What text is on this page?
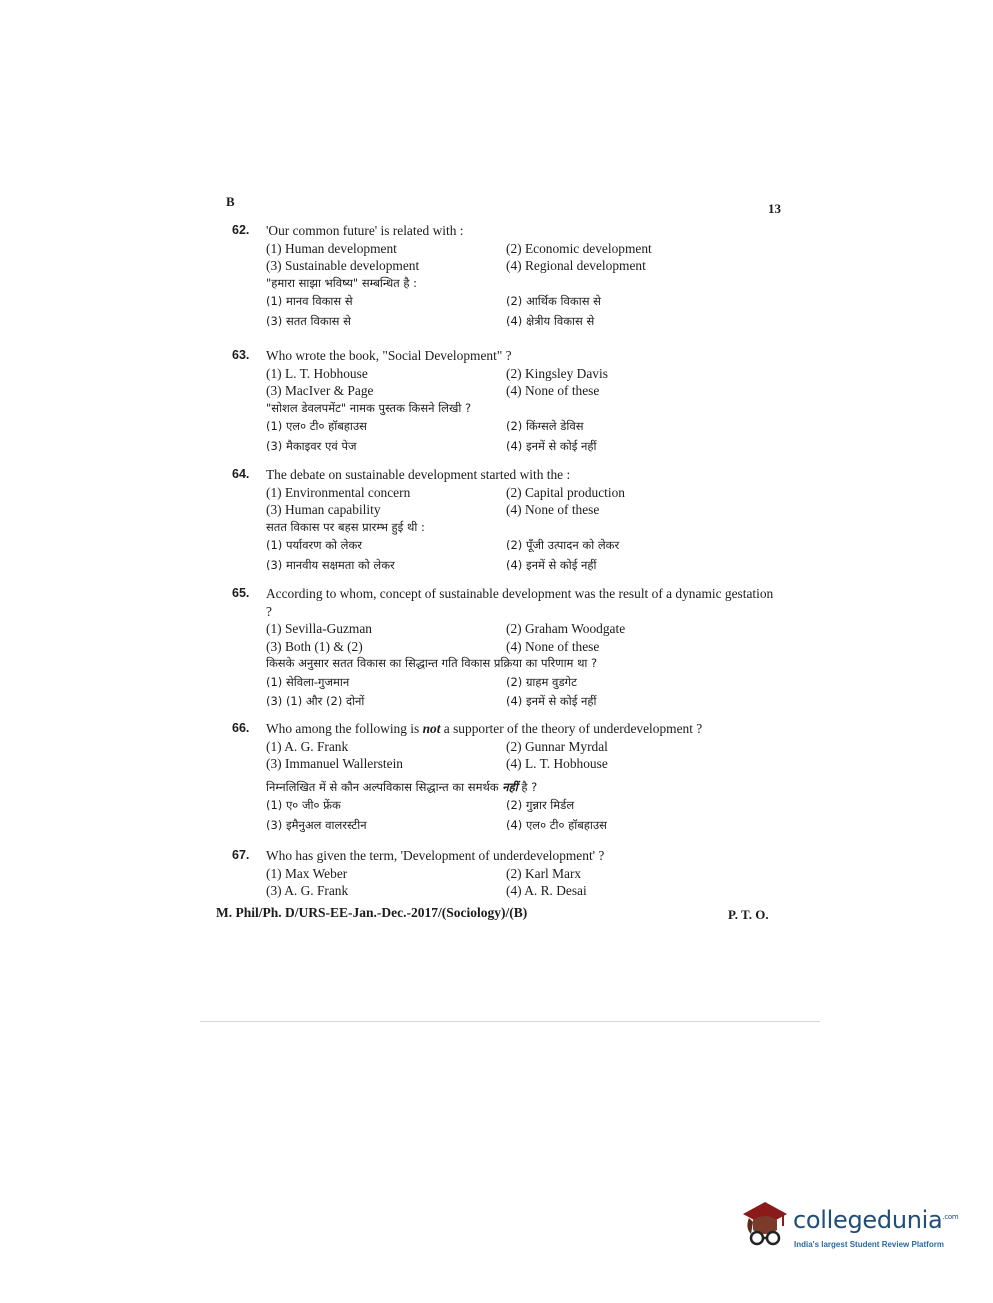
B	13
62.	'Our common future' is related with :
(1) Human development	(2) Economic development
(3) Sustainable development	(4) Regional development
"हमारा साझा भविष्य" सम्बन्धित है :
(1) मानव विकास से	(2) आर्थिक विकास से
(3) सतत विकास से	(4) क्षेत्रीय विकास से
63.	Who wrote the book, "Social Development" ?
(1) L. T. Hobhouse	(2) Kingsley Davis
(3) MacIver & Page	(4) None of these
"सोशल डेवलपमेंट" नामक पुस्तक किसने लिखी ?
(1) एल० टी० हॉबहाउस	(2) किंग्सले डेविस
(3) मैकाइवर एवं पेज	(4) इनमें से कोई नहीं
64.	The debate on sustainable development started with the :
(1) Environmental concern	(2) Capital production
(3) Human capability	(4) None of these
सतत विकास पर बहस प्रारम्भ हुई थी :
(1) पर्यावरण को लेकर	(2) पूँजी उत्पादन को लेकर
(3) मानवीय सक्षमता को लेकर	(4) इनमें से कोई नहीं
65.	According to whom, concept of sustainable development was the result of a dynamic gestation ?
(1) Sevilla-Guzman	(2) Graham Woodgate
(3) Both (1) & (2)	(4) None of these
किसके अनुसार सतत विकास का सिद्धान्त गति विकास प्रक्रिया का परिणाम था ?
(1) सेविला-गुजमान	(2) ग्राहम वुडगेट
(3) (1) और (2) दोनों	(4) इनमें से कोई नहीं
66.	Who among the following is not a supporter of the theory of underdevelopment ?
(1) A. G. Frank	(2) Gunnar Myrdal
(3) Immanuel Wallerstein	(4) L. T. Hobhouse
निम्नलिखित में से कौन अल्पविकास सिद्धान्त का समर्थक नहीं है ?
(1) ए० जी० फ्रेंक	(2) गुन्नार मिर्डल
(3) इमैनुअल वालरस्टीन	(4) एल० टी० हॉबहाउस
67.	Who has given the term, 'Development of underdevelopment' ?
(1) Max Weber	(2) Karl Marx
(3) A. G. Frank	(4) A. R. Desai
M. Phil/Ph. D/URS-EE-Jan.-Dec.-2017/(Sociology)/(B)	P. T. O.
collegedunia$^{.com}$
India's largest Student Review Platform
